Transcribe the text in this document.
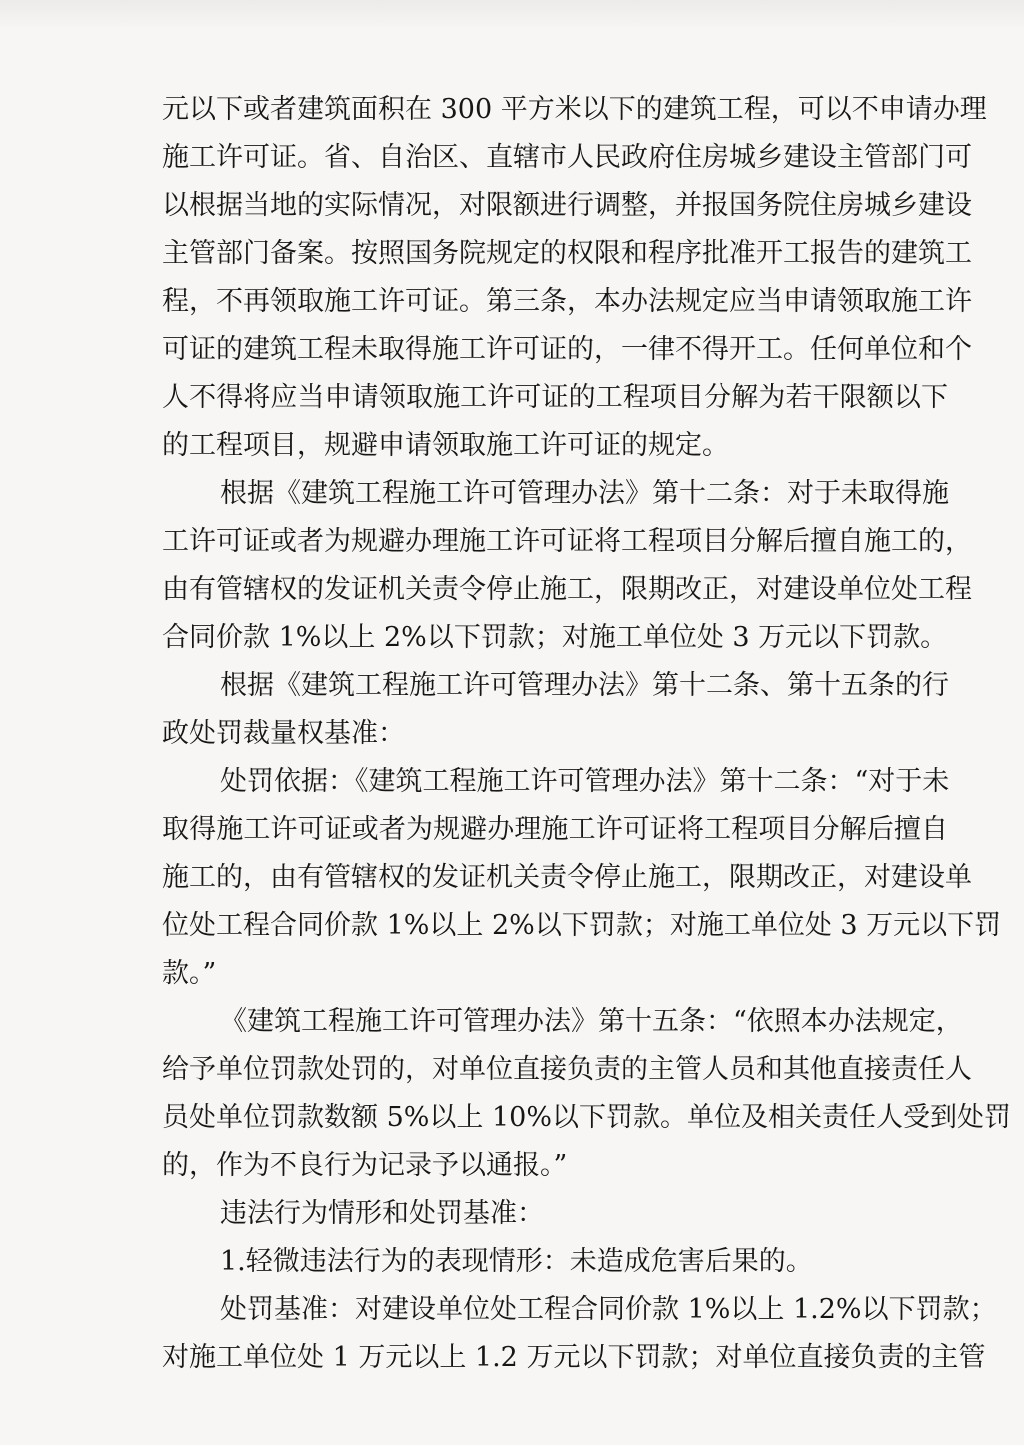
元以下或者建筑面积在 300 平方米以下的建筑工程，可以不申请办理
施工许可证。省、自治区、直辖市人民政府住房城乡建设主管部门可
以根据当地的实际情况，对限额进行调整，并报国务院住房城乡建设
主管部门备案。按照国务院规定的权限和程序批准开工报告的建筑工
程，不再领取施工许可证。第三条，本办法规定应当申请领取施工许
可证的建筑工程未取得施工许可证的，一律不得开工。任何单位和个
人不得将应当申请领取施工许可证的工程项目分解为若干限额以下
的工程项目，规避申请领取施工许可证的规定。
根据《建筑工程施工许可管理办法》第十二条：对于未取得施
工许可证或者为规避办理施工许可证将工程项目分解后擅自施工的，
由有管辖权的发证机关责令停止施工，限期改正，对建设单位处工程
合同价款 1%以上 2%以下罚款；对施工单位处 3 万元以下罚款。
根据《建筑工程施工许可管理办法》第十二条、第十五条的行
政处罚裁量权基准：
处罚依据：《建筑工程施工许可管理办法》第十二条：“对于未
取得施工许可证或者为规避办理施工许可证将工程项目分解后擅自
施工的，由有管辖权的发证机关责令停止施工，限期改正，对建设单
位处工程合同价款 1%以上 2%以下罚款；对施工单位处 3 万元以下罚
款。”
《建筑工程施工许可管理办法》第十五条：“依照本办法规定，
给予单位罚款处罚的，对单位直接负责的主管人员和其他直接责任人
员处单位罚款数额 5%以上 10%以下罚款。单位及相关责任人受到处罚
的，作为不良行为记录予以通报。”
违法行为情形和处罚基准：
1.轻微违法行为的表现情形：未造成危害后果的。
处罚基准：对建设单位处工程合同价款 1%以上 1.2%以下罚款；
对施工单位处 1 万元以上 1.2 万元以下罚款；对单位直接负责的主管
